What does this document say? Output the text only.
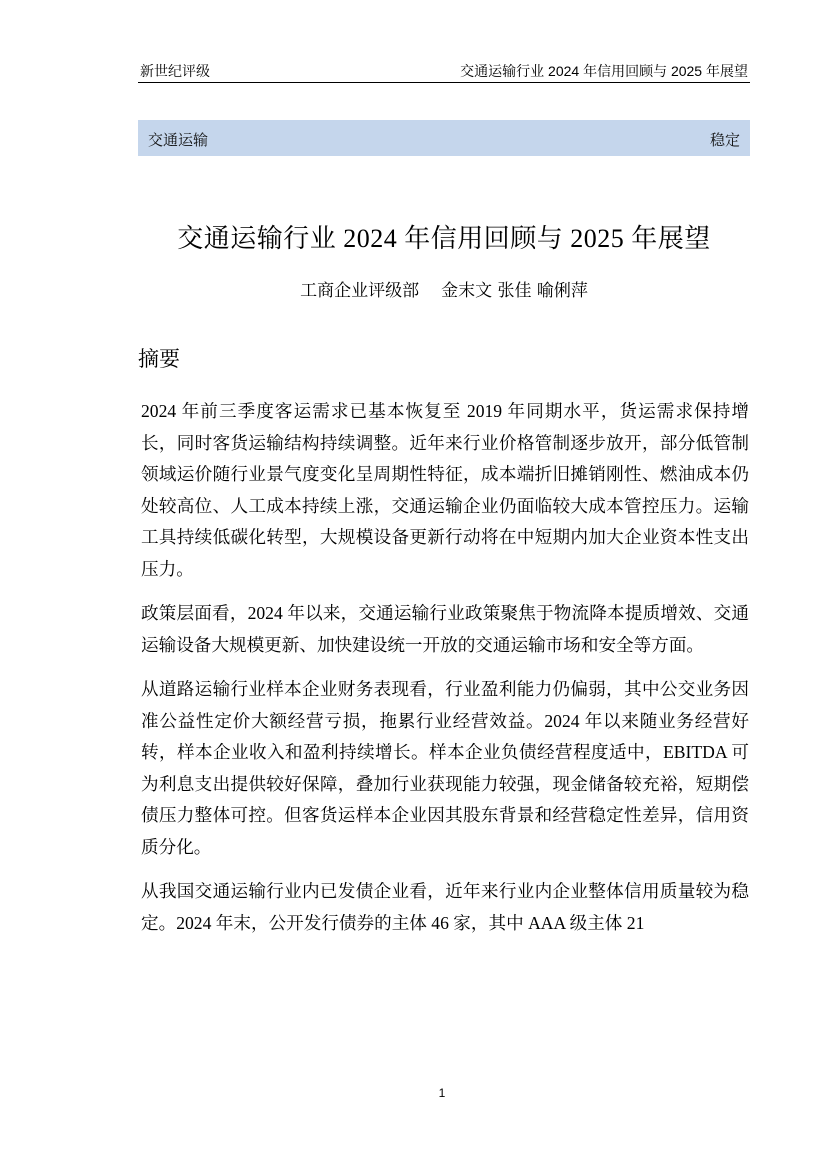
新世纪评级	交通运输行业 2024 年信用回顾与 2025 年展望
交通运输	稳定
交通运输行业 2024 年信用回顾与 2025 年展望
工商企业评级部 金末文 张佳 喻俐萍
摘要

2024 年前三季度客运需求已基本恢复至 2019 年同期水平，货运需求保持增长，同时客货运输结构持续调整。近年来行业价格管制逐步放开，部分低管制领域运价随行业景气度变化呈周期性特征，成本端折旧摊销刚性、燃油成本仍处较高位、人工成本持续上涨，交通运输企业仍面临较大成本管控压力。运输工具持续低碳化转型，大规模设备更新行动将在中短期内加大企业资本性支出压力。

政策层面看，2024 年以来，交通运输行业政策聚焦于物流降本提质增效、交通运输设备大规模更新、加快建设统一开放的交通运输市场和安全等方面。

从道路运输行业样本企业财务表现看，行业盈利能力仍偏弱，其中公交业务因准公益性定价大额经营亏损，拖累行业经营效益。2024 年以来随业务经营好转，样本企业收入和盈利持续增长。样本企业负债经营程度适中，EBITDA 可为利息支出提供较好保障，叠加行业获现能力较强，现金储备较充裕，短期偿债压力整体可控。但客货运样本企业因其股东背景和经营稳定性差异，信用资质分化。

从我国交通运输行业内已发债企业看，近年来行业内企业整体信用质量较为稳定。2024 年末，公开发行债券的主体 46 家，其中 AAA 级主体 21

1
